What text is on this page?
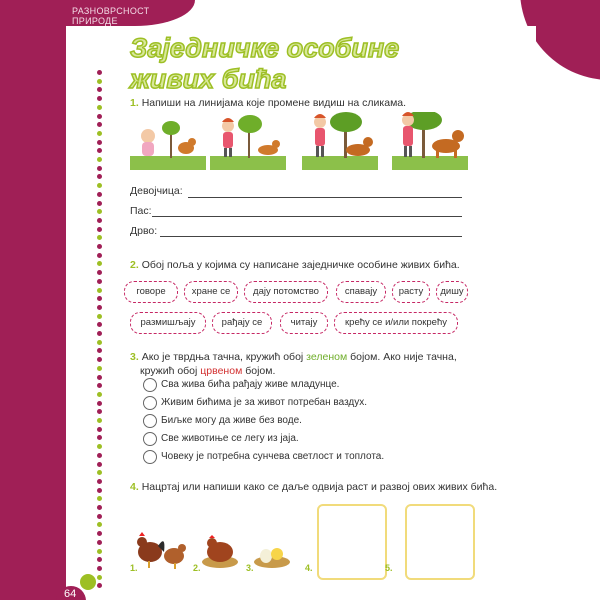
РАЗНОВРСНОСТ ПРИРОДЕ
Заједничке особине
живих бића
1. Напиши на линијама које промене видиш на сликама.
Девојчица:
Пас:
Дрво:
2. Обој поља у којима су написане заједничке особине живих бића.
говоре	хране се	дају потомство	спавају	расту	дишу
размишљају	рађају се	читају	крећу се и/или покрећу
3. Ако је тврдња тачна, кружић обој зеленом бојом. Ако није тачна,
кружић обој црвеном бојом.
Сва жива бића рађају живе младунце.
Живим бићима је за живот потребан ваздух.
Биљке могу да живе без воде.
Све животиње се легу из јаја.
Човеку је потребна сунчева светлост и топлота.
4. Нацртај или напиши како се даље одвија раст и развој ових живих бића.
1.	2.	3.	4.	5.
64
